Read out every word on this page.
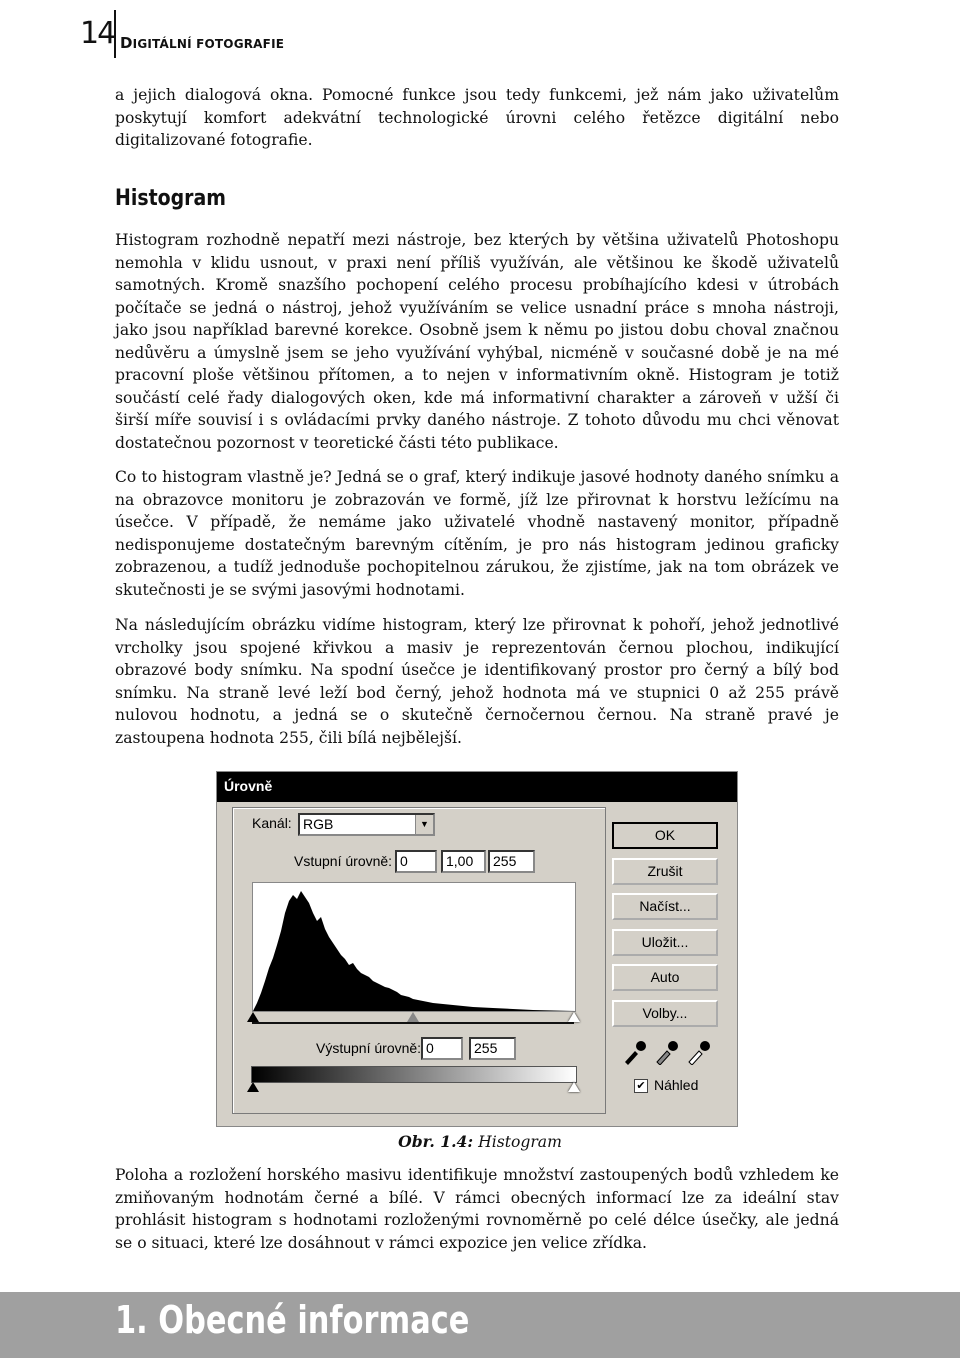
14 DIGITÁLNÍ FOTOGRAFIE

a jejich dialogová okna. Pomocné funkce jsou tedy funkcemi, jež nám jako uživatelům poskytují komfort adekvátní technologické úrovni celého řetězce digitální nebo digitalizované fotografie.

Histogram

Histogram rozhodně nepatří mezi nástroje, bez kterých by většina uživatelů Photoshopu nemohla v klidu usnout, v praxi není příliš využíván, ale většinou ke škodě uživatelů samotných. Kromě snazšího pochopení celého procesu probíhajícího kdesi v útrobách počítače se jedná o nástroj, jehož využíváním se velice usnadní práce s mnoha nástroji, jako jsou například barevné korekce. Osobně jsem k němu po jistou dobu choval značnou nedůvěru a úmyslně jsem se jeho využívání vyhýbal, nicméně v současné době je na mé pracovní ploše většinou přítomen, a to nejen v informativním okně. Histogram je totiž součástí celé řady dialogových oken, kde má informativní charakter a zároveň v užší či širší míře souvisí i s ovládacími prvky daného nástroje. Z tohoto důvodu mu chci věnovat dostatečnou pozornost v teoretické části této publikace.

Co to histogram vlastně je? Jedná se o graf, který indikuje jasové hodnoty daného snímku a na obrazovce monitoru je zobrazován ve formě, jíž lze přirovnat k horstvu ležícímu na úsečce. V případě, že nemáme jako uživatelé vhodně nastavený monitor, případně nedisponujeme dostatečným barevným cítěním, je pro nás histogram jedinou graficky zobrazenou, a tudíž jednoduše pochopitelnou zárukou, že zjistíme, jak na tom obrázek ve skutečnosti je se svými jasovými hodnotami.

Na následujícím obrázku vidíme histogram, který lze přirovnat k pohoří, jehož jednotlivé vrcholky jsou spojené křivkou a masiv je reprezentován černou plochou, indikující obrazové body snímku. Na spodní úsečce je identifikovaný prostor pro černý a bílý bod snímku. Na straně levé leží bod černý, jehož hodnota má ve stupnici 0 až 255 právě nulovou hodnotu, a jedná se o skutečně černočernou černou. Na straně pravé je zastoupena hodnota 255, čili bílá nejbělejší.

Úrovně
Kanál: RGB	▼
Vstupní úrovně: 0	1,00	255
Výstupní úrovně: 0	255
OK
Zrušit
Načíst...
Uložit...
Auto
Volby...
✔ Náhled
Obr. 1.4: Histogram

Poloha a rozložení horského masivu identifikuje množství zastoupených bodů vzhledem ke zmiňovaným hodnotám černé a bílé. V rámci obecných informací lze za ideální stav prohlásit histogram s hodnotami rozloženými rovnoměrně po celé délce úsečky, ale jedná se o situaci, které lze dosáhnout v rámci expozice jen velice zřídka.

1. Obecné informace
